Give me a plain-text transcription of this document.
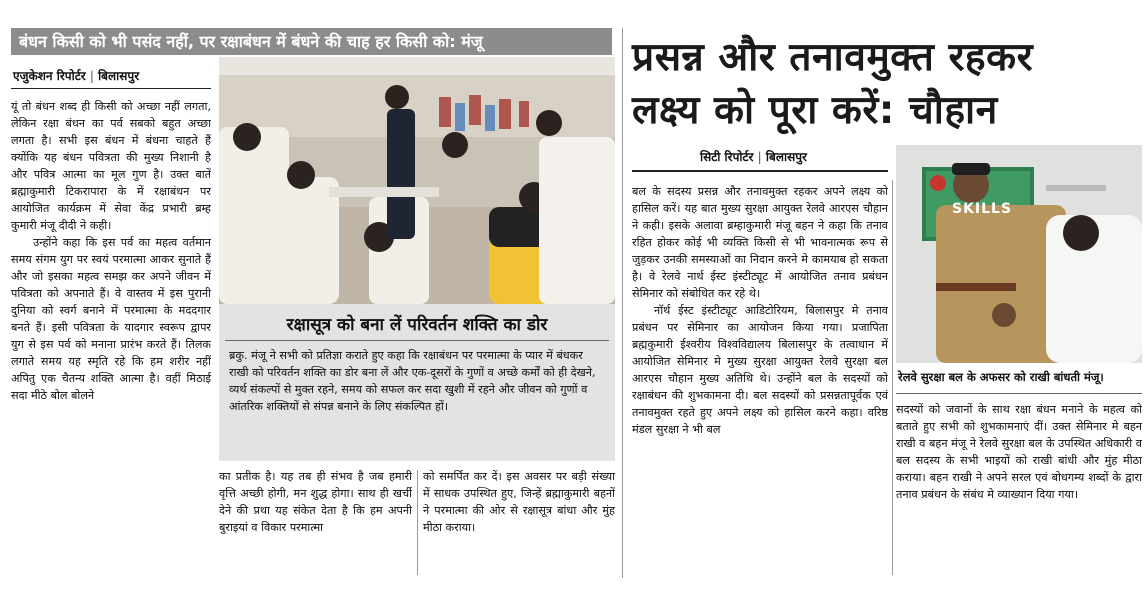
बंधन किसी को भी पसंद नहीं, पर रक्षाबंधन में बंधने की चाह हर किसी को: मंजू
एजुकेशन रिपोर्टर | बिलासपुर

यूं तो बंधन शब्द ही किसी को अच्छा नहीं लगता, लेकिन रक्षा बंधन का पर्व सबको बहुत अच्छा लगता है। सभी इस बंधन में बंधना चाहते हैं क्योंकि यह बंधन पवित्रता की मुख्य निशानी है और पवित्र आत्मा का मूल गुण है। उक्त बातें ब्रह्माकुमारी टिकरापारा के में रक्षाबंधन पर आयोजित कार्यक्रम में सेवा केंद्र प्रभारी ब्रम्ह कुमारी मंजू दीदी ने कही।

उन्होंने कहा कि इस पर्व का महत्व वर्तमान समय संगम युग पर स्वयं परमात्मा आकर सुनाते हैं और जो इसका महत्व समझ कर अपने जीवन में पवित्रता को अपनाते हैं। वे वास्तव में इस पुरानी दुनिया को स्वर्ग बनाने में परमात्मा के मददगार बनते हैं। इसी पवित्रता के यादगार स्वरूप द्वापर युग से इस पर्व को मनाना प्रारंभ करते हैं। तिलक लगाते समय यह स्मृति रहे कि हम शरीर नहीं अपितु एक चैतन्य शक्ति आत्मा है। वहीं मिठाई सदा मीठे बोल बोलने

रक्षासूत्र को बना लें परिवर्तन शक्ति का डोर
ब्रकु. मंजू ने सभी को प्रतिज्ञा कराते हुए कहा कि रक्षाबंधन पर परमात्मा के प्यार में बंधकर राखी को परिवर्तन शक्ति का डोर बना लें और एक-दूसरों के गुणों व अच्छे कर्मों को ही देखने, व्यर्थ संकल्पों से मुक्त रहने, समय को सफल कर सदा खुशी में रहने और जीवन को गुणों व आंतरिक शक्तियों से संपन्न बनाने के लिए संकल्पित हों।

का प्रतीक है। यह तब ही संभव है जब हमारी वृत्ति अच्छी होगी, मन शुद्ध होगा। साथ ही खर्ची देने की प्रथा यह संकेत देता है कि हम अपनी बुराइयां व विकार परमात्मा

को समर्पित कर दें। इस अवसर पर बड़ी संख्या में साधक उपस्थित हुए, जिन्हें ब्रह्माकुमारी बहनों ने परमात्मा की ओर से रक्षासूत्र बांधा और मुंह मीठा कराया।

प्रसन्न और तनावमुक्त रहकर
लक्ष्य को पूरा करें: चौहान
सिटी रिपोर्टर | बिलासपुर

बल के सदस्य प्रसन्न और तनावमुक्त रहकर अपने लक्ष्य को हासिल करें। यह बात मुख्य सुरक्षा आयुक्त रेलवे आरएस चौहान ने कही। इसके अलावा ब्रम्हाकुमारी मंजू बहन ने कहा कि तनाव रहित होकर कोई भी व्यक्ति किसी से भी भावनात्मक रूप से जुड़कर उनकी समस्याओं का निदान करने मे कामयाब हो सकता है। वे रेलवे नार्थ ईस्ट इंस्टीट्यूट में आयोजित तनाव प्रबंधन सेमिनार को संबोधित कर रहे थे।

नॉर्थ ईस्ट इंस्टीट्यूट आडिटोरियम, बिलासपुर मे तनाव प्रबंधन पर सेमिनार का आयोजन किया गया। प्रजापिता ब्रह्मकुमारी ईश्वरीय विश्वविद्यालय बिलासपुर के तत्वाधान में आयोजित सेमिनार मे मुख्य सुरक्षा आयुक्त रेलवे सुरक्षा बल आरएस चौहान मुख्य अतिथि थे। उन्होंने बल के सदस्यों को रक्षाबंधन की शुभकामना दी। बल सदस्यों को प्रसन्नतापूर्वक एवं तनावमुक्त रहते हुए अपने लक्ष्य को हासिल करने कहा। वरिष्ठ मंडल सुरक्षा ने भी बल

SKILLS
रेलवे सुरक्षा बल के अफसर को राखी बांधती मंजू।

सदस्यों को जवानों के साथ रक्षा बंधन मनाने के महत्व को बताते हुए सभी को शुभकामनाएं दीं। उक्त सेमिनार मे बहन राखी व बहन मंजू ने रेलवे सुरक्षा बल के उपस्थित अधिकारी व बल सदस्य के सभी भाइयों को राखी बांधी और मुंह मीठा कराया। बहन राखी ने अपने सरल एवं बोधगम्य शब्दों के द्वारा तनाव प्रबंधन के संबंध मे व्याख्यान दिया गया।
